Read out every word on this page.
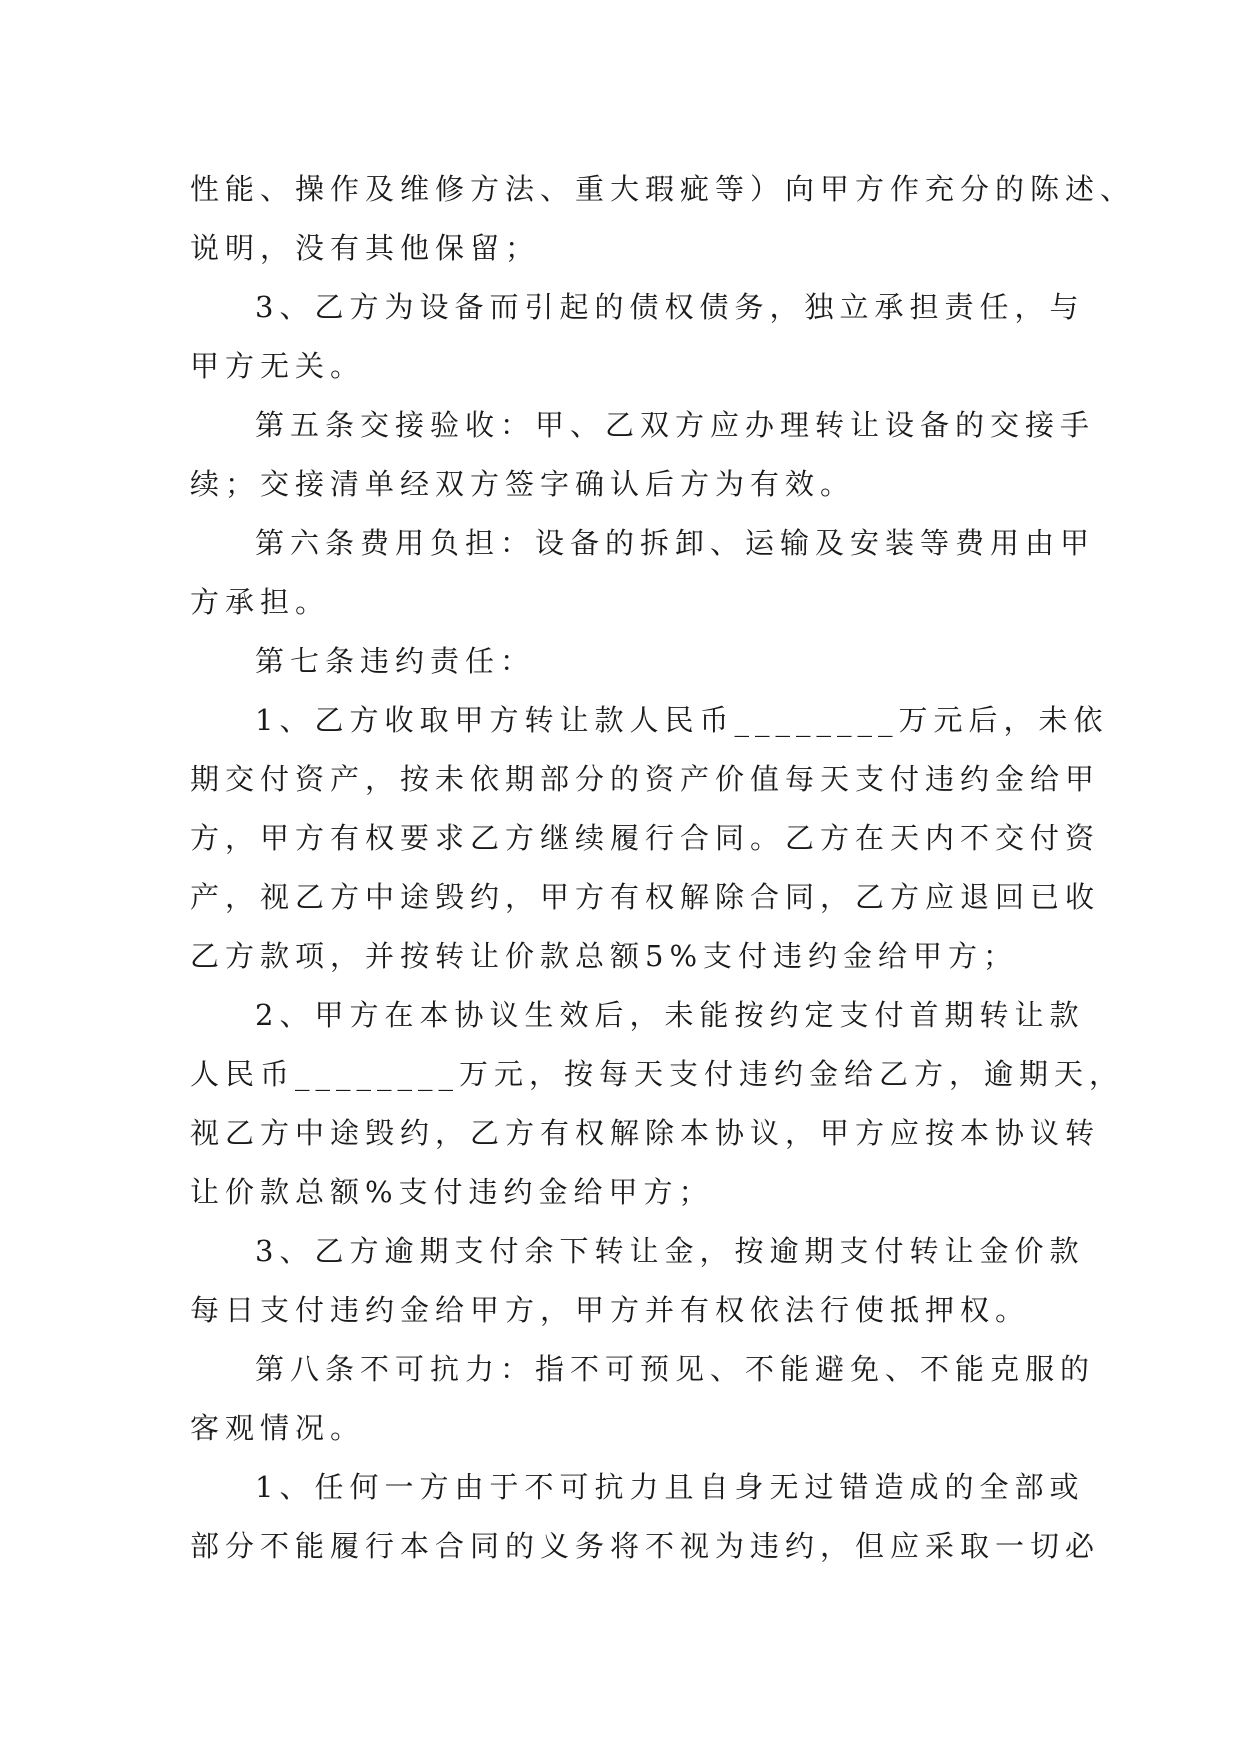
性能、操作及维修方法、重大瑕疵等）向甲方作充分的陈述、
说明，没有其他保留；
3、乙方为设备而引起的债权债务，独立承担责任，与
甲方无关。
第五条交接验收：甲、乙双方应办理转让设备的交接手
续；交接清单经双方签字确认后方为有效。
第六条费用负担：设备的拆卸、运输及安装等费用由甲
方承担。
第七条违约责任：
1、乙方收取甲方转让款人民币________万元后，未依
期交付资产，按未依期部分的资产价值每天支付违约金给甲
方，甲方有权要求乙方继续履行合同。乙方在天内不交付资
产，视乙方中途毁约，甲方有权解除合同，乙方应退回已收
乙方款项，并按转让价款总额5%支付违约金给甲方；
2、甲方在本协议生效后，未能按约定支付首期转让款
人民币________万元，按每天支付违约金给乙方，逾期天，
视乙方中途毁约，乙方有权解除本协议，甲方应按本协议转
让价款总额%支付违约金给甲方；
3、乙方逾期支付余下转让金，按逾期支付转让金价款
每日支付违约金给甲方，甲方并有权依法行使抵押权。
第八条不可抗力：指不可预见、不能避免、不能克服的
客观情况。
1、任何一方由于不可抗力且自身无过错造成的全部或
部分不能履行本合同的义务将不视为违约，但应采取一切必
